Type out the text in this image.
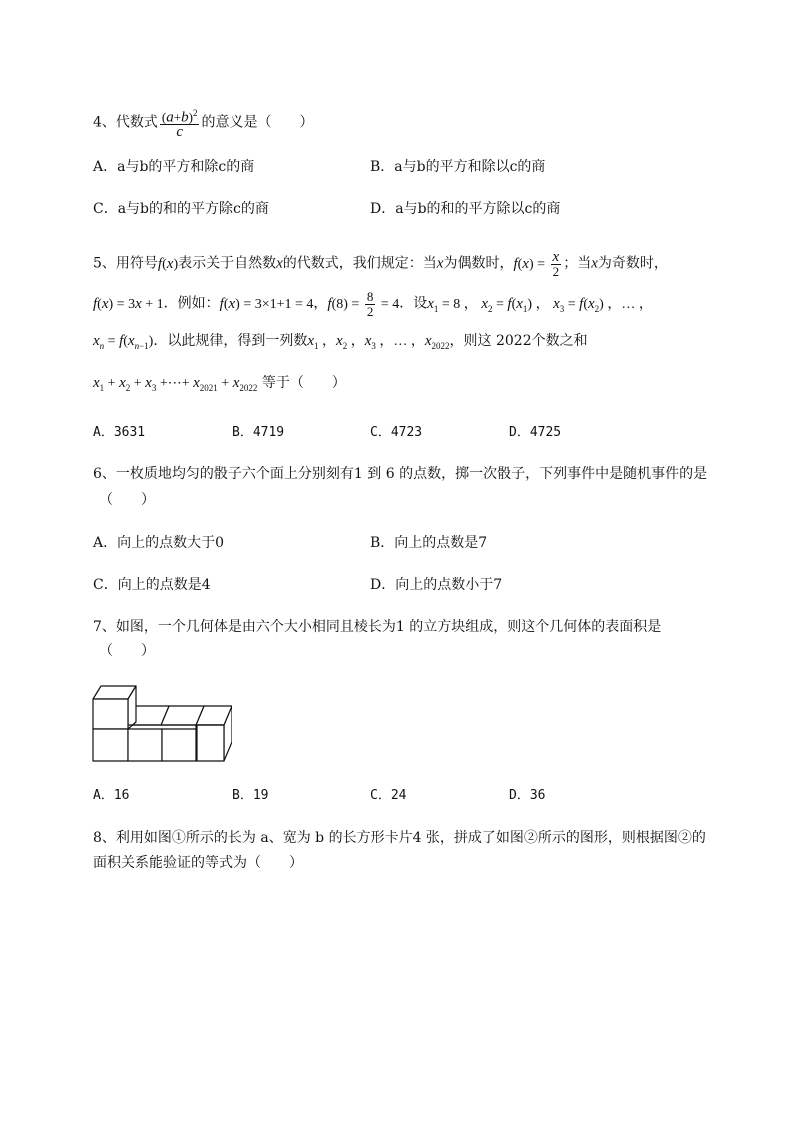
4、代数式 $\frac{(a+b)^2}{c}$ 的意义是（　　）
A．a与b的平方和除c的商	B．a与b的平方和除以c的商
C．a与b的和的平方除c的商	D．a与b的和的平方除以c的商
5、用符号f(x)表示关于自然数x的代数式，我们规定：当x为偶数时，$f(x) = \frac{x}{2}$ ；当x为奇数时，
f(x) = 3x + 1．例如：f(x) = 3×1+1 = 4，$f(8) = \frac{8}{2} = 4$．设$x_1 = 8$ ， $x_2 = f(x_1)$ ， $x_3 = f(x_2)$ ，… ，
$x_n = f(x_{n-1})$．以此规律，得到一列数$x_1$ ，$x_2$ ，$x_3$ ，… ，$x_{2022}$，则这 2022个数之和
$x_1 + x_2 + x_3$ +⋯+ $x_{2021} + x_{2022}$ 等于（　　）
A．3631	B．4719	C．4723	D．4725
6、一枚质地均匀的骰子六个面上分别刻有1 到 6 的点数，掷一次骰子，下列事件中是随机事件的是
（　　）
A．向上的点数大于0	B．向上的点数是7
C．向上的点数是4	D．向上的点数小于7
7、如图，一个几何体是由六个大小相同且棱长为1 的立方块组成，则这个几何体的表面积是
（　　）
A．16	B．19	C．24	D．36
8、利用如图①所示的长为 a、宽为 b 的长方形卡片4 张，拼成了如图②所示的图形，则根据图②的
面积关系能验证的等式为（　　）
